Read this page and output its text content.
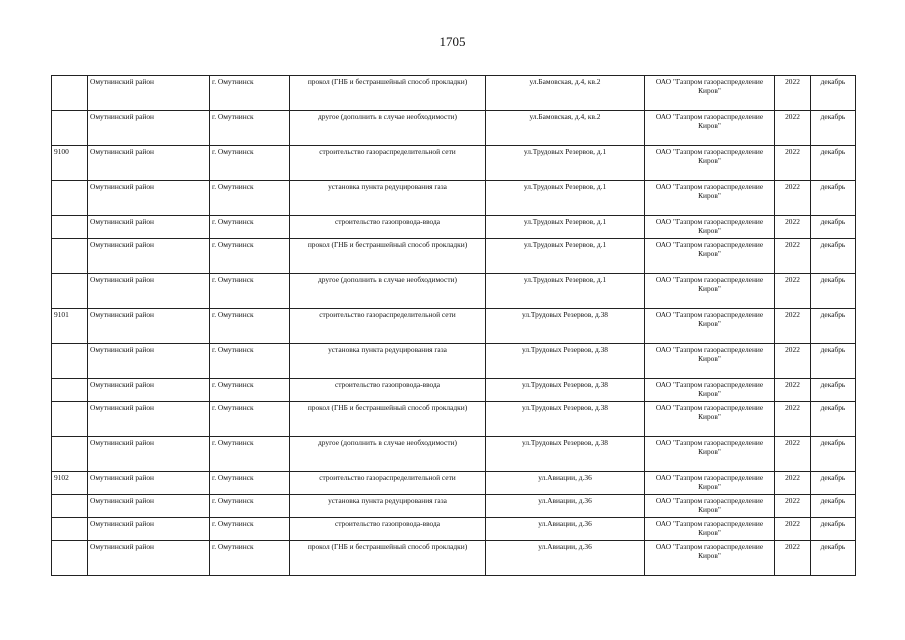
1705
	Омутнинский район	г. Омутнинск	прокол (ГНБ и бестраншейный способ прокладки)	ул.Бамовская, д.4, кв.2	ОАО "Газпром газораспределение Киров"	2022	декабрь
	Омутнинский район	г. Омутнинск	другое (дополнить в случае необходимости)	ул.Бамовская, д.4, кв.2	ОАО "Газпром газораспределение Киров"	2022	декабрь
9100	Омутнинский район	г. Омутнинск	строительство газораспределительной сети	ул.Трудовых Резервов, д.1	ОАО "Газпром газораспределение Киров"	2022	декабрь
	Омутнинский район	г. Омутнинск	установка пункта редуцирования газа	ул.Трудовых Резервов, д.1	ОАО "Газпром газораспределение Киров"	2022	декабрь
	Омутнинский район	г. Омутнинск	строительство газопровода-ввода	ул.Трудовых Резервов, д.1	ОАО "Газпром газораспределение Киров"	2022	декабрь
	Омутнинский район	г. Омутнинск	прокол (ГНБ и бестраншейный способ прокладки)	ул.Трудовых Резервов, д.1	ОАО "Газпром газораспределение Киров"	2022	декабрь
	Омутнинский район	г. Омутнинск	другое (дополнить в случае необходимости)	ул.Трудовых Резервов, д.1	ОАО "Газпром газораспределение Киров"	2022	декабрь
9101	Омутнинский район	г. Омутнинск	строительство газораспределительной сети	ул.Трудовых Резервов, д.38	ОАО "Газпром газораспределение Киров"	2022	декабрь
	Омутнинский район	г. Омутнинск	установка пункта редуцирования газа	ул.Трудовых Резервов, д.38	ОАО "Газпром газораспределение Киров"	2022	декабрь
	Омутнинский район	г. Омутнинск	строительство газопровода-ввода	ул.Трудовых Резервов, д.38	ОАО "Газпром газораспределение Киров"	2022	декабрь
	Омутнинский район	г. Омутнинск	прокол (ГНБ и бестраншейный способ прокладки)	ул.Трудовых Резервов, д.38	ОАО "Газпром газораспределение Киров"	2022	декабрь
	Омутнинский район	г. Омутнинск	другое (дополнить в случае необходимости)	ул.Трудовых Резервов, д.38	ОАО "Газпром газораспределение Киров"	2022	декабрь
9102	Омутнинский район	г. Омутнинск	строительство газораспределительной сети	ул.Авиации, д.36	ОАО "Газпром газораспределение Киров"	2022	декабрь
	Омутнинский район	г. Омутнинск	установка пункта редуцирования газа	ул.Авиации, д.36	ОАО "Газпром газораспределение Киров"	2022	декабрь
	Омутнинский район	г. Омутнинск	строительство газопровода-ввода	ул.Авиации, д.36	ОАО "Газпром газораспределение Киров"	2022	декабрь
	Омутнинский район	г. Омутнинск	прокол (ГНБ и бестраншейный способ прокладки)	ул.Авиации, д.36	ОАО "Газпром газораспределение Киров"	2022	декабрь
